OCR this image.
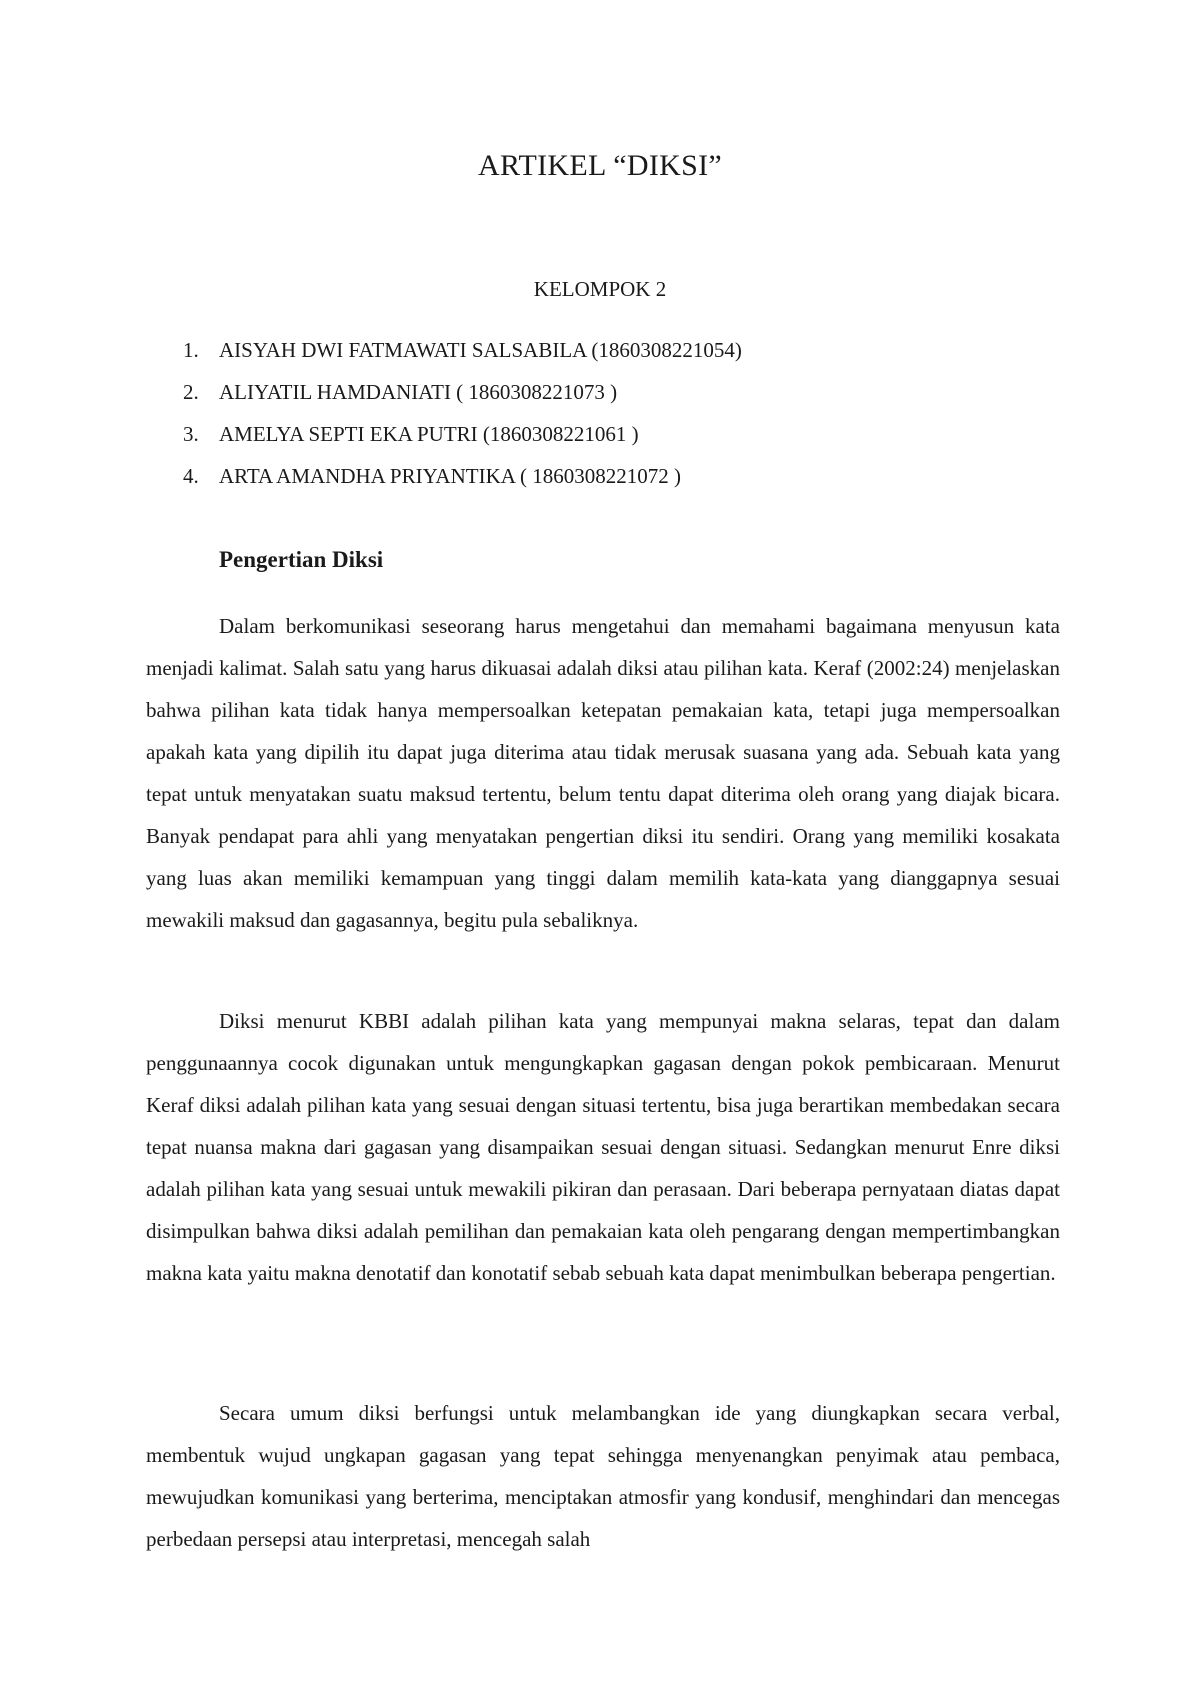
ARTIKEL “DIKSI”
KELOMPOK 2
1. AISYAH DWI FATMAWATI SALSABILA (1860308221054)
2. ALIYATIL HAMDANIATI ( 1860308221073 )
3. AMELYA SEPTI EKA PUTRI (1860308221061 )
4. ARTA AMANDHA PRIYANTIKA ( 1860308221072 )
Pengertian Diksi

Dalam berkomunikasi seseorang harus mengetahui dan memahami bagaimana menyusun kata menjadi kalimat. Salah satu yang harus dikuasai adalah diksi atau pilihan kata. Keraf (2002:24) menjelaskan bahwa pilihan kata tidak hanya mempersoalkan ketepatan pemakaian kata, tetapi juga mempersoalkan apakah kata yang dipilih itu dapat juga diterima atau tidak merusak suasana yang ada. Sebuah kata yang tepat untuk menyatakan suatu maksud tertentu, belum tentu dapat diterima oleh orang yang diajak bicara. Banyak pendapat para ahli yang menyatakan pengertian diksi itu sendiri. Orang yang memiliki kosakata yang luas akan memiliki kemampuan yang tinggi dalam memilih kata-kata yang dianggapnya sesuai mewakili maksud dan gagasannya, begitu pula sebaliknya.

Diksi menurut KBBI adalah pilihan kata yang mempunyai makna selaras, tepat dan dalam penggunaannya cocok digunakan untuk mengungkapkan gagasan dengan pokok pembicaraan. Menurut Keraf diksi adalah pilihan kata yang sesuai dengan situasi tertentu, bisa juga berartikan membedakan secara tepat nuansa makna dari gagasan yang disampaikan sesuai dengan situasi. Sedangkan menurut Enre diksi adalah pilihan kata yang sesuai untuk mewakili pikiran dan perasaan. Dari beberapa pernyataan diatas dapat disimpulkan bahwa diksi adalah pemilihan dan pemakaian kata oleh pengarang dengan mempertimbangkan makna kata yaitu makna denotatif dan konotatif sebab sebuah kata dapat menimbulkan beberapa pengertian.

Secara umum diksi berfungsi untuk melambangkan ide yang diungkapkan secara verbal, membentuk wujud ungkapan gagasan yang tepat sehingga menyenangkan penyimak atau pembaca, mewujudkan komunikasi yang berterima, menciptakan atmosfir yang kondusif, menghindari dan mencegas perbedaan persepsi atau interpretasi, mencegah salah
